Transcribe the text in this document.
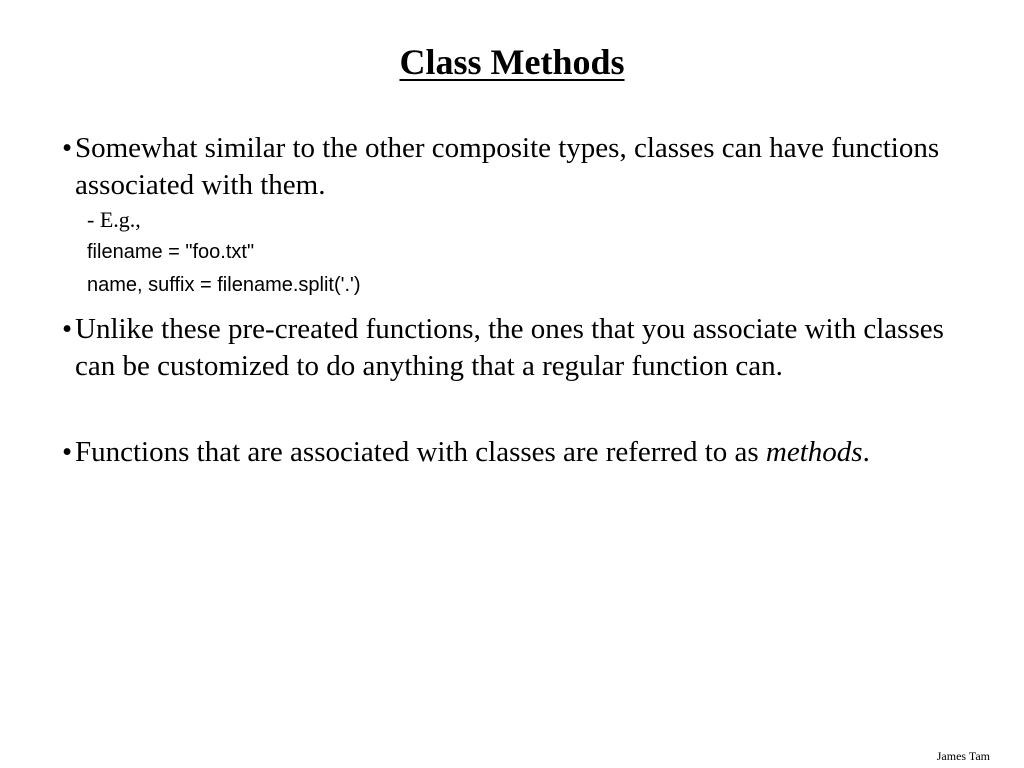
Class Methods
• Somewhat similar to the other composite types, classes can have functions associated with them.
- E.g.,
filename = "foo.txt"
name, suffix = filename.split('.')
• Unlike these pre-created functions, the ones that you associate with classes can be customized to do anything that a regular function can.
• Functions that are associated with classes are referred to as methods.
James Tam
